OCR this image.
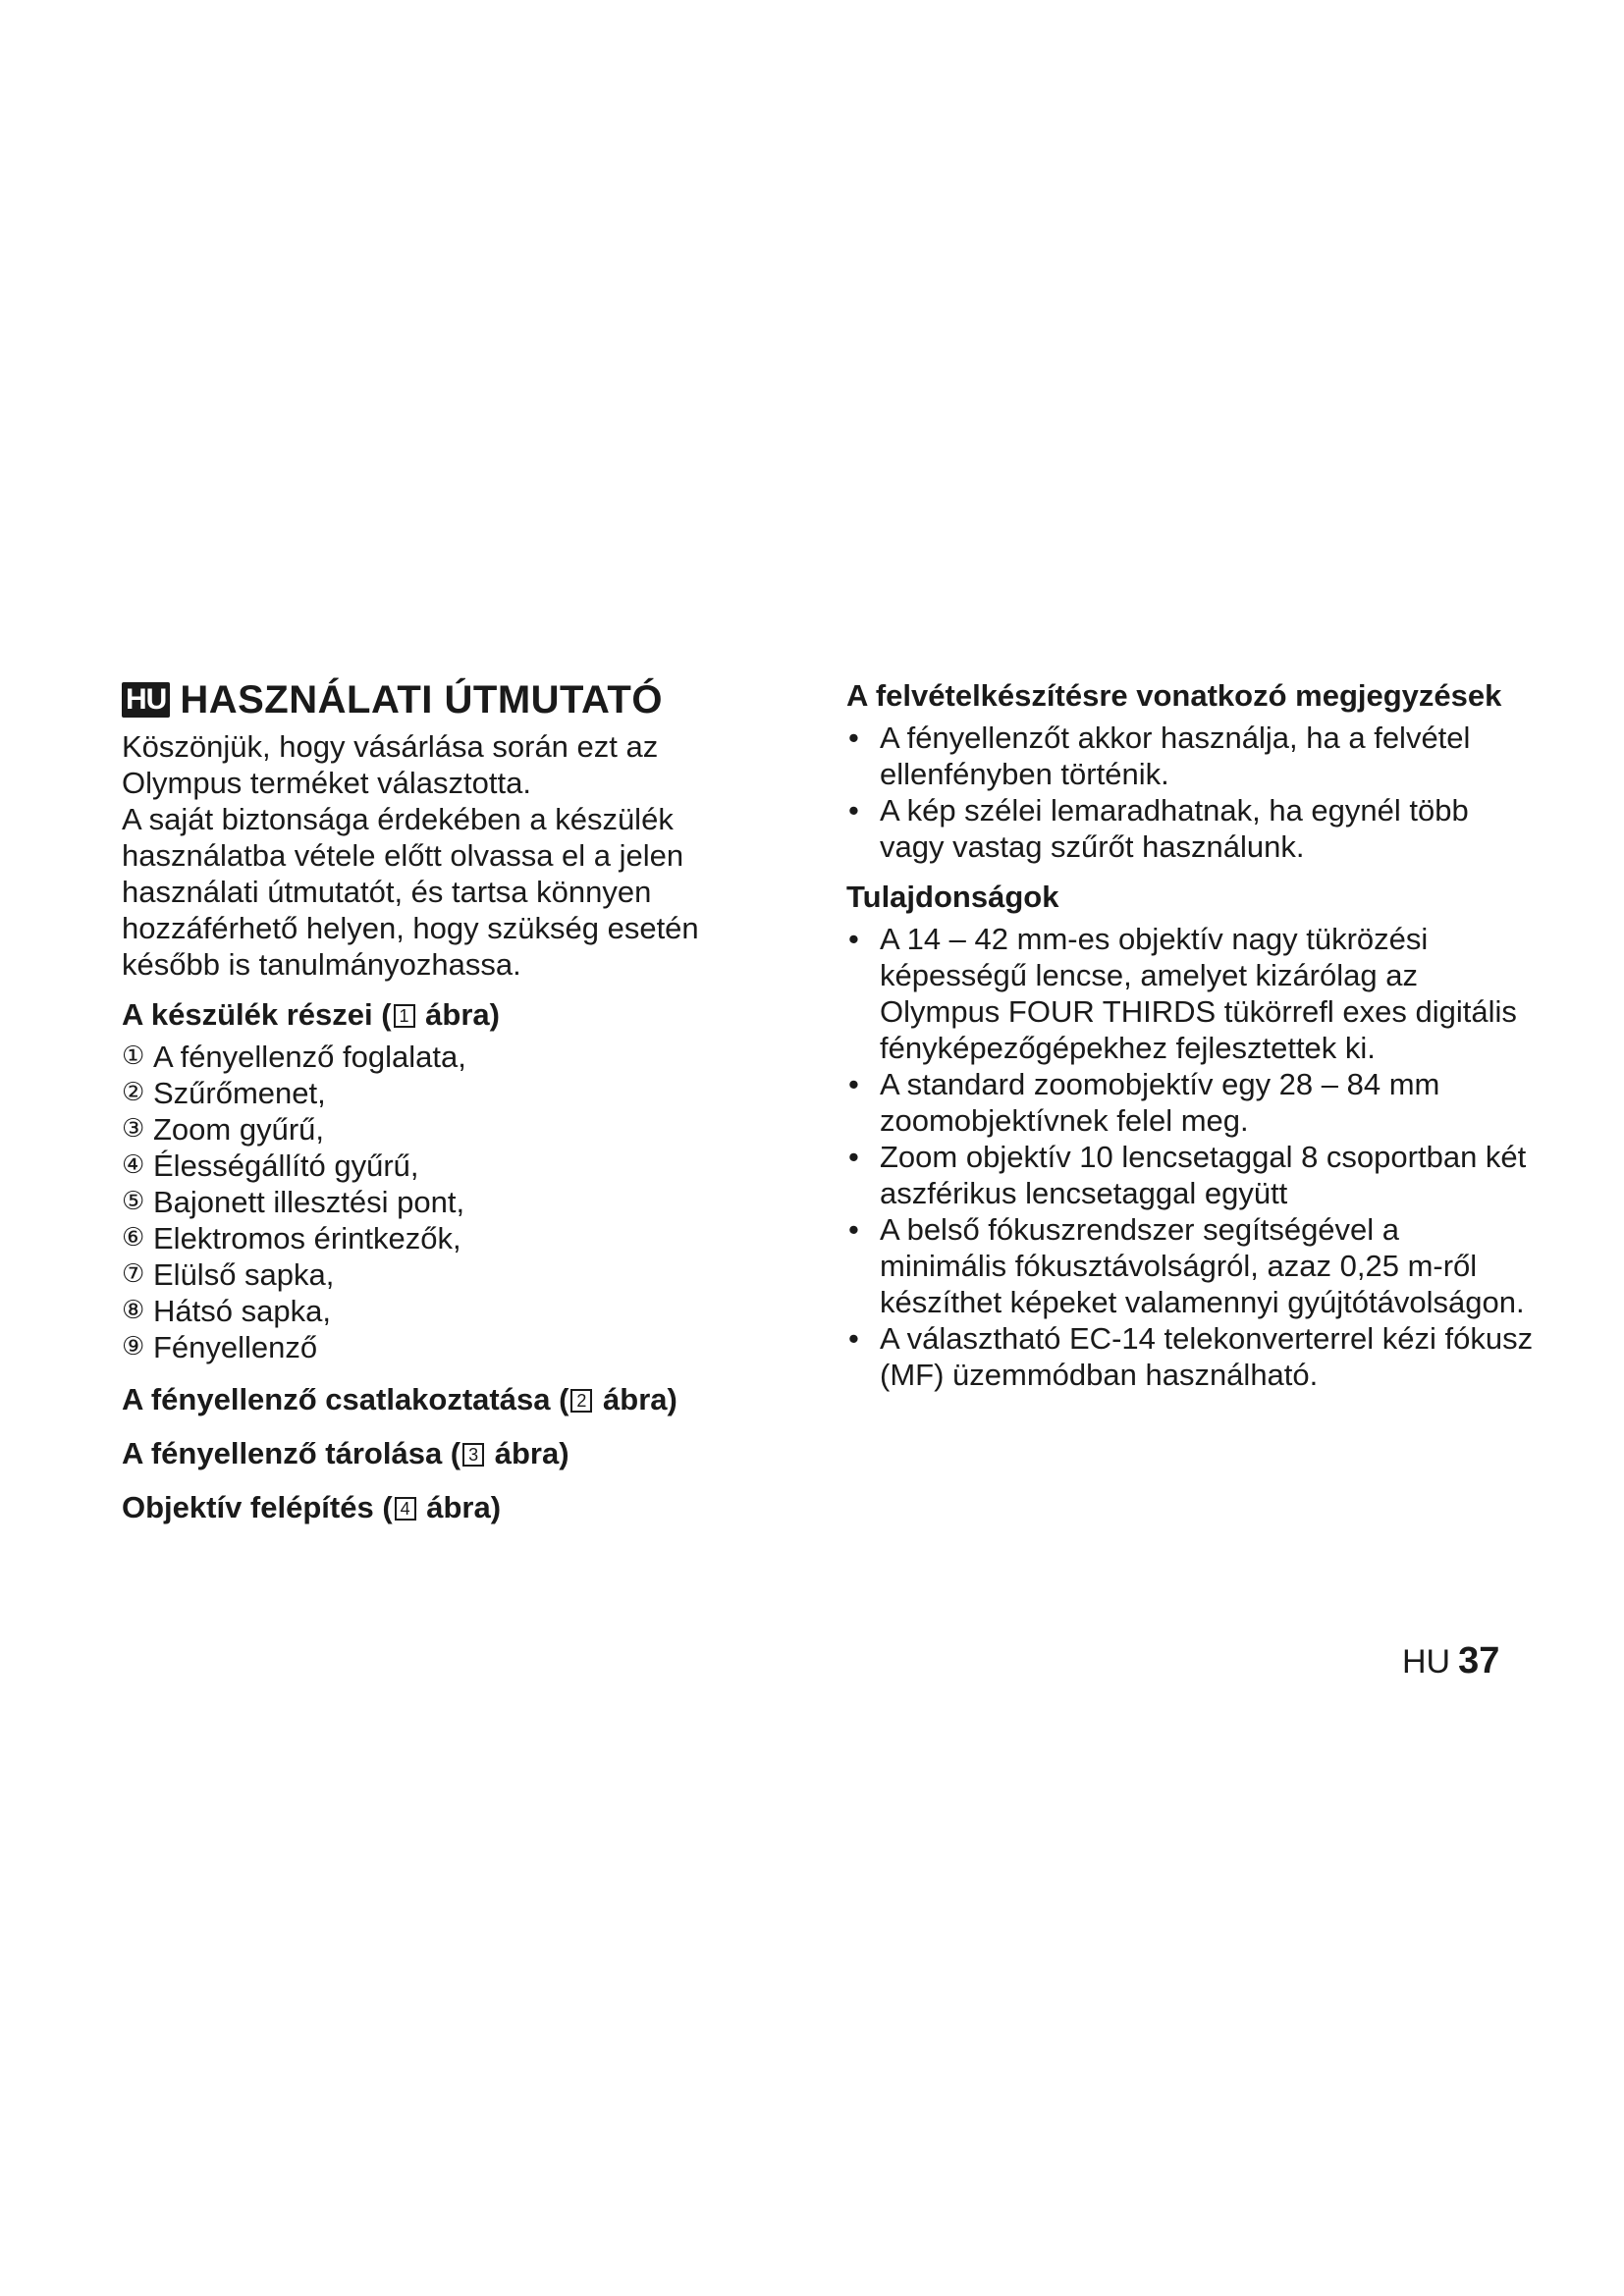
HU HASZNÁLATI ÚTMUTATÓ

Köszönjük, hogy vásárlása során ezt az Olympus terméket választotta.

A saját biztonsága érdekében a készülék használatba vétele előtt olvassa el a jelen használati útmutatót, és tartsa könnyen hozzáférhető helyen, hogy szükség esetén később is tanulmányozhassa.

A készülék részei ( 1 ábra)
① A fényellenző foglalata,
② Szűrőmenet,
③ Zoom gyűrű,
④ Élességállító gyűrű,
⑤ Bajonett illesztési pont,
⑥ Elektromos érintkezők,
⑦ Elülső sapka,
⑧ Hátsó sapka,
⑨ Fényellenző
A fényellenző csatlakoztatása ( 2 ábra)
A fényellenző tárolása ( 3 ábra)
Objektív felépítés ( 4 ábra)
A felvételkészítésre vonatkozó megjegyzések
• A fényellenzőt akkor használja, ha a felvétel ellenfényben történik.
• A kép szélei lemaradhatnak, ha egynél több vagy vastag szűrőt használunk.
Tulajdonságok
• A 14 – 42 mm-es objektív nagy tükrözési képességű lencse, amelyet kizárólag az Olympus FOUR THIRDS tükörrefl exes digitális fényképezőgépekhez fejlesztettek ki.
• A standard zoomobjektív egy 28 – 84 mm zoomobjektívnek felel meg.
• Zoom objektív 10 lencsetaggal 8 csoportban két aszférikus lencsetaggal együtt
• A belső fókuszrendszer segítségével a minimális fókusztávolságról, azaz 0,25 m-ről készíthet képeket valamennyi gyújtótávolságon.
• A választható EC-14 telekonverterrel kézi fókusz (MF) üzemmódban használható.
HU 37
